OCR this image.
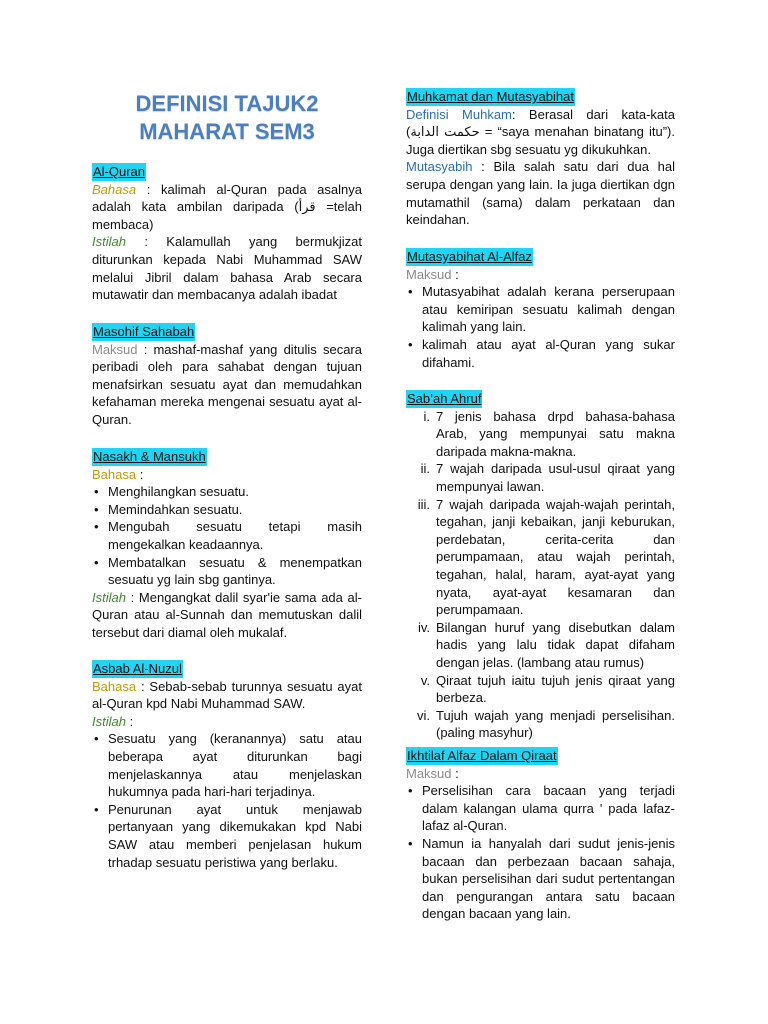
DEFINISI TAJUK2 MAHARAT SEM3
Al-Quran

Bahasa : kalimah al-Quran pada asalnya adalah kata ambilan daripada (قرأ =telah membaca)

Istilah : Kalamullah yang bermukjizat diturunkan kepada Nabi Muhammad SAW melalui Jibril dalam bahasa Arab secara mutawatir dan membacanya adalah ibadat

Masohif Sahabah

Maksud : mashaf-mashaf yang ditulis secara peribadi oleh para sahabat dengan tujuan menafsirkan sesuatu ayat dan memudahkan kefahaman mereka mengenai sesuatu ayat al-Quran.

Nasakh & Mansukh

Bahasa :

• Menghilangkan sesuatu.
• Memindahkan sesuatu.
• Mengubah sesuatu tetapi masih mengekalkan keadaannya.
• Membatalkan sesuatu & menempatkan sesuatu yg lain sbg gantinya.

Istilah : Mengangkat dalil syar'ie sama ada al-Quran atau al-Sunnah dan memutuskan dalil tersebut dari diamal oleh mukalaf.

Asbab Al-Nuzul

Bahasa : Sebab-sebab turunnya sesuatu ayat al-Quran kpd Nabi Muhammad SAW.

Istilah :

• Sesuatu yang (keranannya) satu atau beberapa ayat diturunkan bagi menjelaskannya atau menjelaskan hukumnya pada hari-hari terjadinya.
• Penurunan ayat untuk menjawab pertanyaan yang dikemukakan kpd Nabi SAW atau memberi penjelasan hukum trhadap sesuatu peristiwa yang berlaku.
Muhkamat dan Mutasyabihat

Definisi Muhkam: Berasal dari kata-kata (حكمت الدابة = “saya menahan binatang itu”). Juga diertikan sbg sesuatu yg dikukuhkan.

Mutasyabih : Bila salah satu dari dua hal serupa dengan yang lain. Ia juga diertikan dgn mutamathil (sama) dalam perkataan dan keindahan.

Mutasyabihat Al-Alfaz

Maksud :

• Mutasyabihat adalah kerana perserupaan atau kemiripan sesuatu kalimah dengan kalimah yang lain.
• kalimah atau ayat al-Quran yang sukar difahami.
Sab’ah Ahruf
i. 7 jenis bahasa drpd bahasa-bahasa Arab, yang mempunyai satu makna daripada makna-makna.
ii. 7 wajah daripada usul-usul qiraat yang mempunyai lawan.
iii. 7 wajah daripada wajah-wajah perintah, tegahan, janji kebaikan, janji keburukan, perdebatan, cerita-cerita dan perumpamaan, atau wajah perintah, tegahan, halal, haram, ayat-ayat yang nyata, ayat-ayat kesamaran dan perumpamaan.
iv. Bilangan huruf yang disebutkan dalam hadis yang lalu tidak dapat difaham dengan jelas. (lambang atau rumus)
v. Qiraat tujuh iaitu tujuh jenis qiraat yang berbeza.
vi. Tujuh wajah yang menjadi perselisihan. (paling masyhur)
Ikhtilaf Alfaz Dalam Qiraat

Maksud :

• Perselisihan cara bacaan yang terjadi dalam kalangan ulama qurra ' pada lafaz-lafaz al-Quran.
• Namun ia hanyalah dari sudut jenis-jenis bacaan dan perbezaan bacaan sahaja, bukan perselisihan dari sudut pertentangan dan pengurangan antara satu bacaan dengan bacaan yang lain.
